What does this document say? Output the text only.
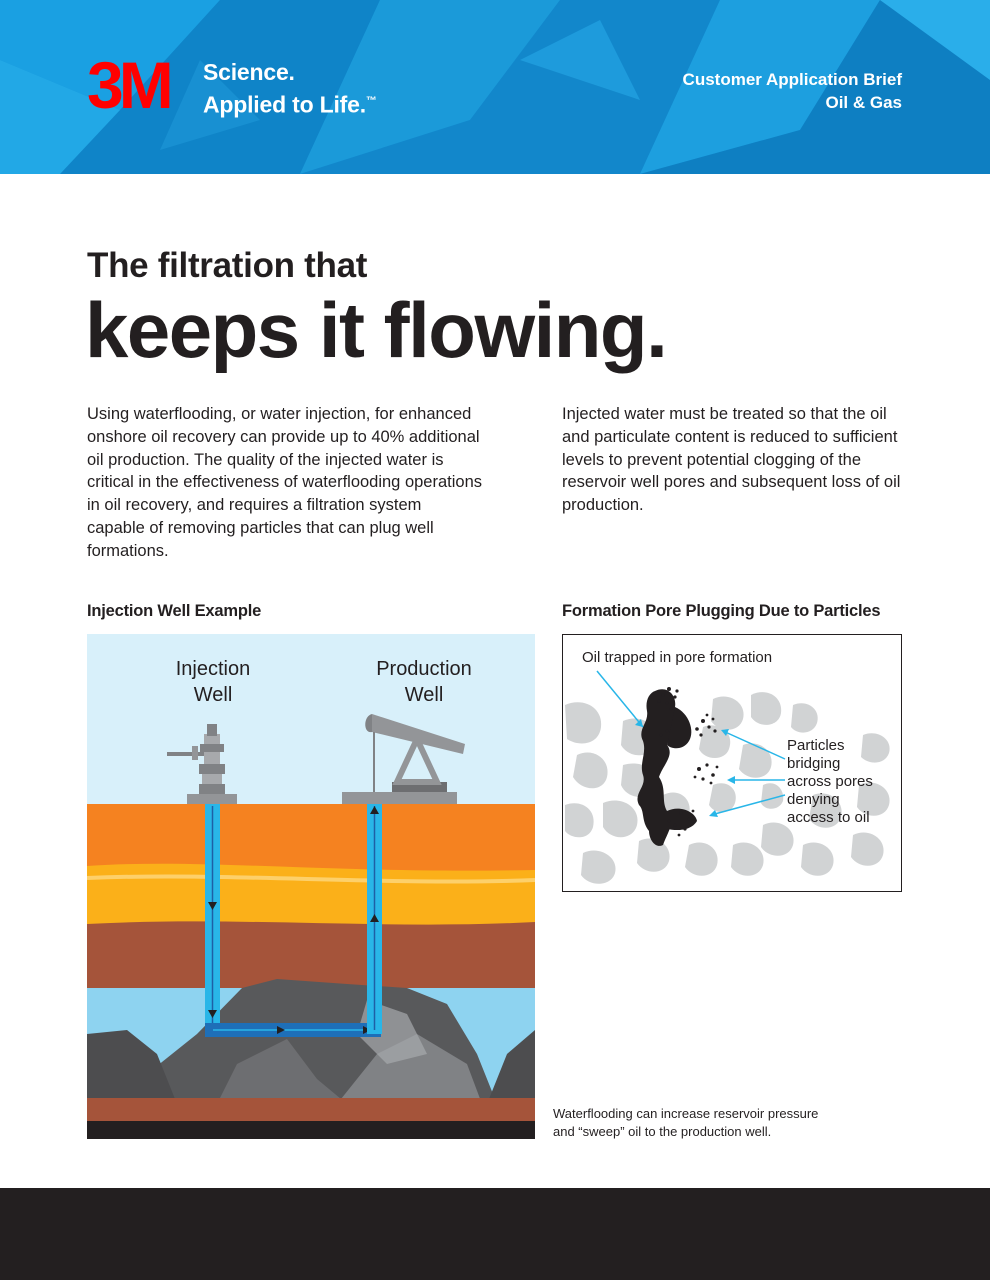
3M Science.
Applied to Life.™
Customer Application Brief
Oil & Gas
The filtration that
keeps it flowing.

Using waterflooding, or water injection, for enhanced onshore oil recovery can provide up to 40% additional oil production. The quality of the injected water is critical in the effectiveness of waterflooding operations in oil recovery, and requires a filtration system capable of removing particles that can plug well formations.

Injected water must be treated so that the oil and particulate content is reduced to sufficient levels to prevent potential clogging of the reservoir well pores and subsequent loss of oil production.

Injection Well Example	Formation Pore Plugging Due to Particles
Injection
Well
Production
Well
Oil trapped in pore formation
Particles
bridging
across pores
denying
access to oil
Waterflooding can increase reservoir pressure
and “sweep” oil to the production well.
